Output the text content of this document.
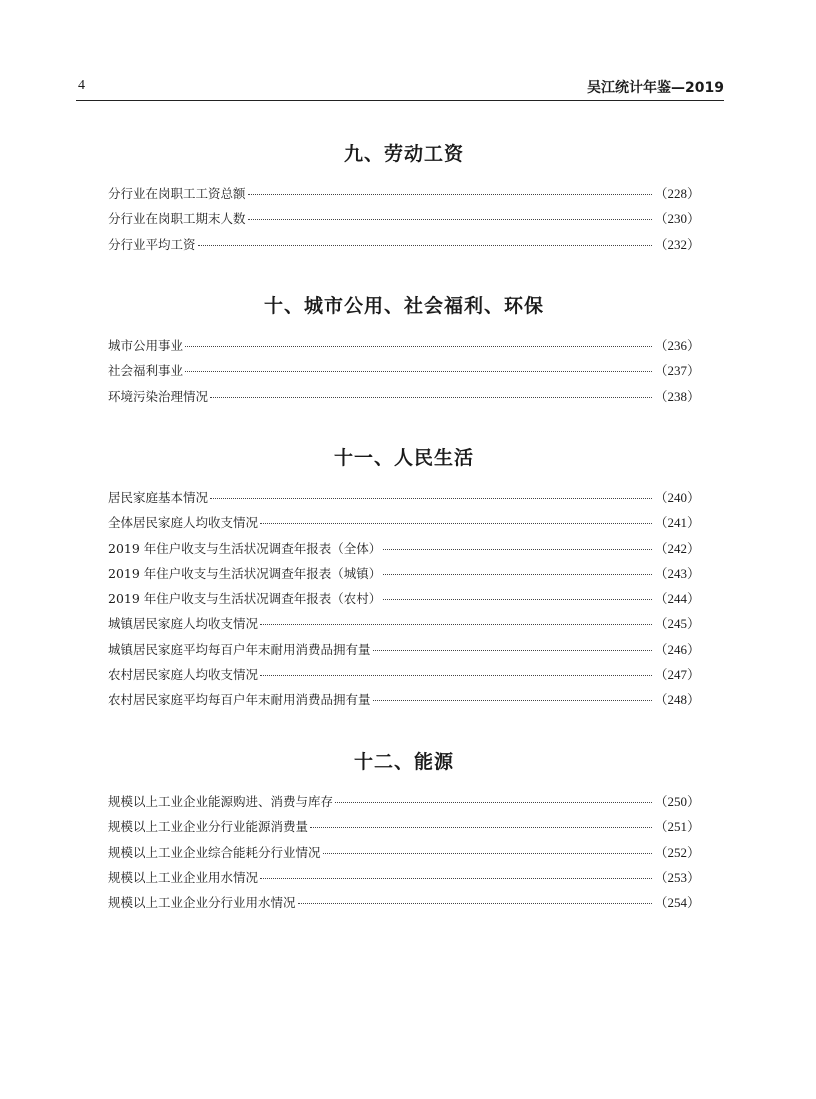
4	吴江统计年鉴—2019
九、劳动工资
分行业在岗职工工资总额	（228）
分行业在岗职工期末人数	（230）
分行业平均工资	（232）
十、城市公用、社会福利、环保
城市公用事业	（236）
社会福利事业	（237）
环境污染治理情况	（238）
十一、人民生活
居民家庭基本情况	（240）
全体居民家庭人均收支情况	（241）
2019 年住户收支与生活状况调查年报表（全体）	（242）
2019 年住户收支与生活状况调查年报表（城镇）	（243）
2019 年住户收支与生活状况调查年报表（农村）	（244）
城镇居民家庭人均收支情况	（245）
城镇居民家庭平均每百户年末耐用消费品拥有量	（246）
农村居民家庭人均收支情况	（247）
农村居民家庭平均每百户年末耐用消费品拥有量	（248）
十二、能源
规模以上工业企业能源购进、消费与库存	（250）
规模以上工业企业分行业能源消费量	（251）
规模以上工业企业综合能耗分行业情况	（252）
规模以上工业企业用水情况	（253）
规模以上工业企业分行业用水情况	（254）
